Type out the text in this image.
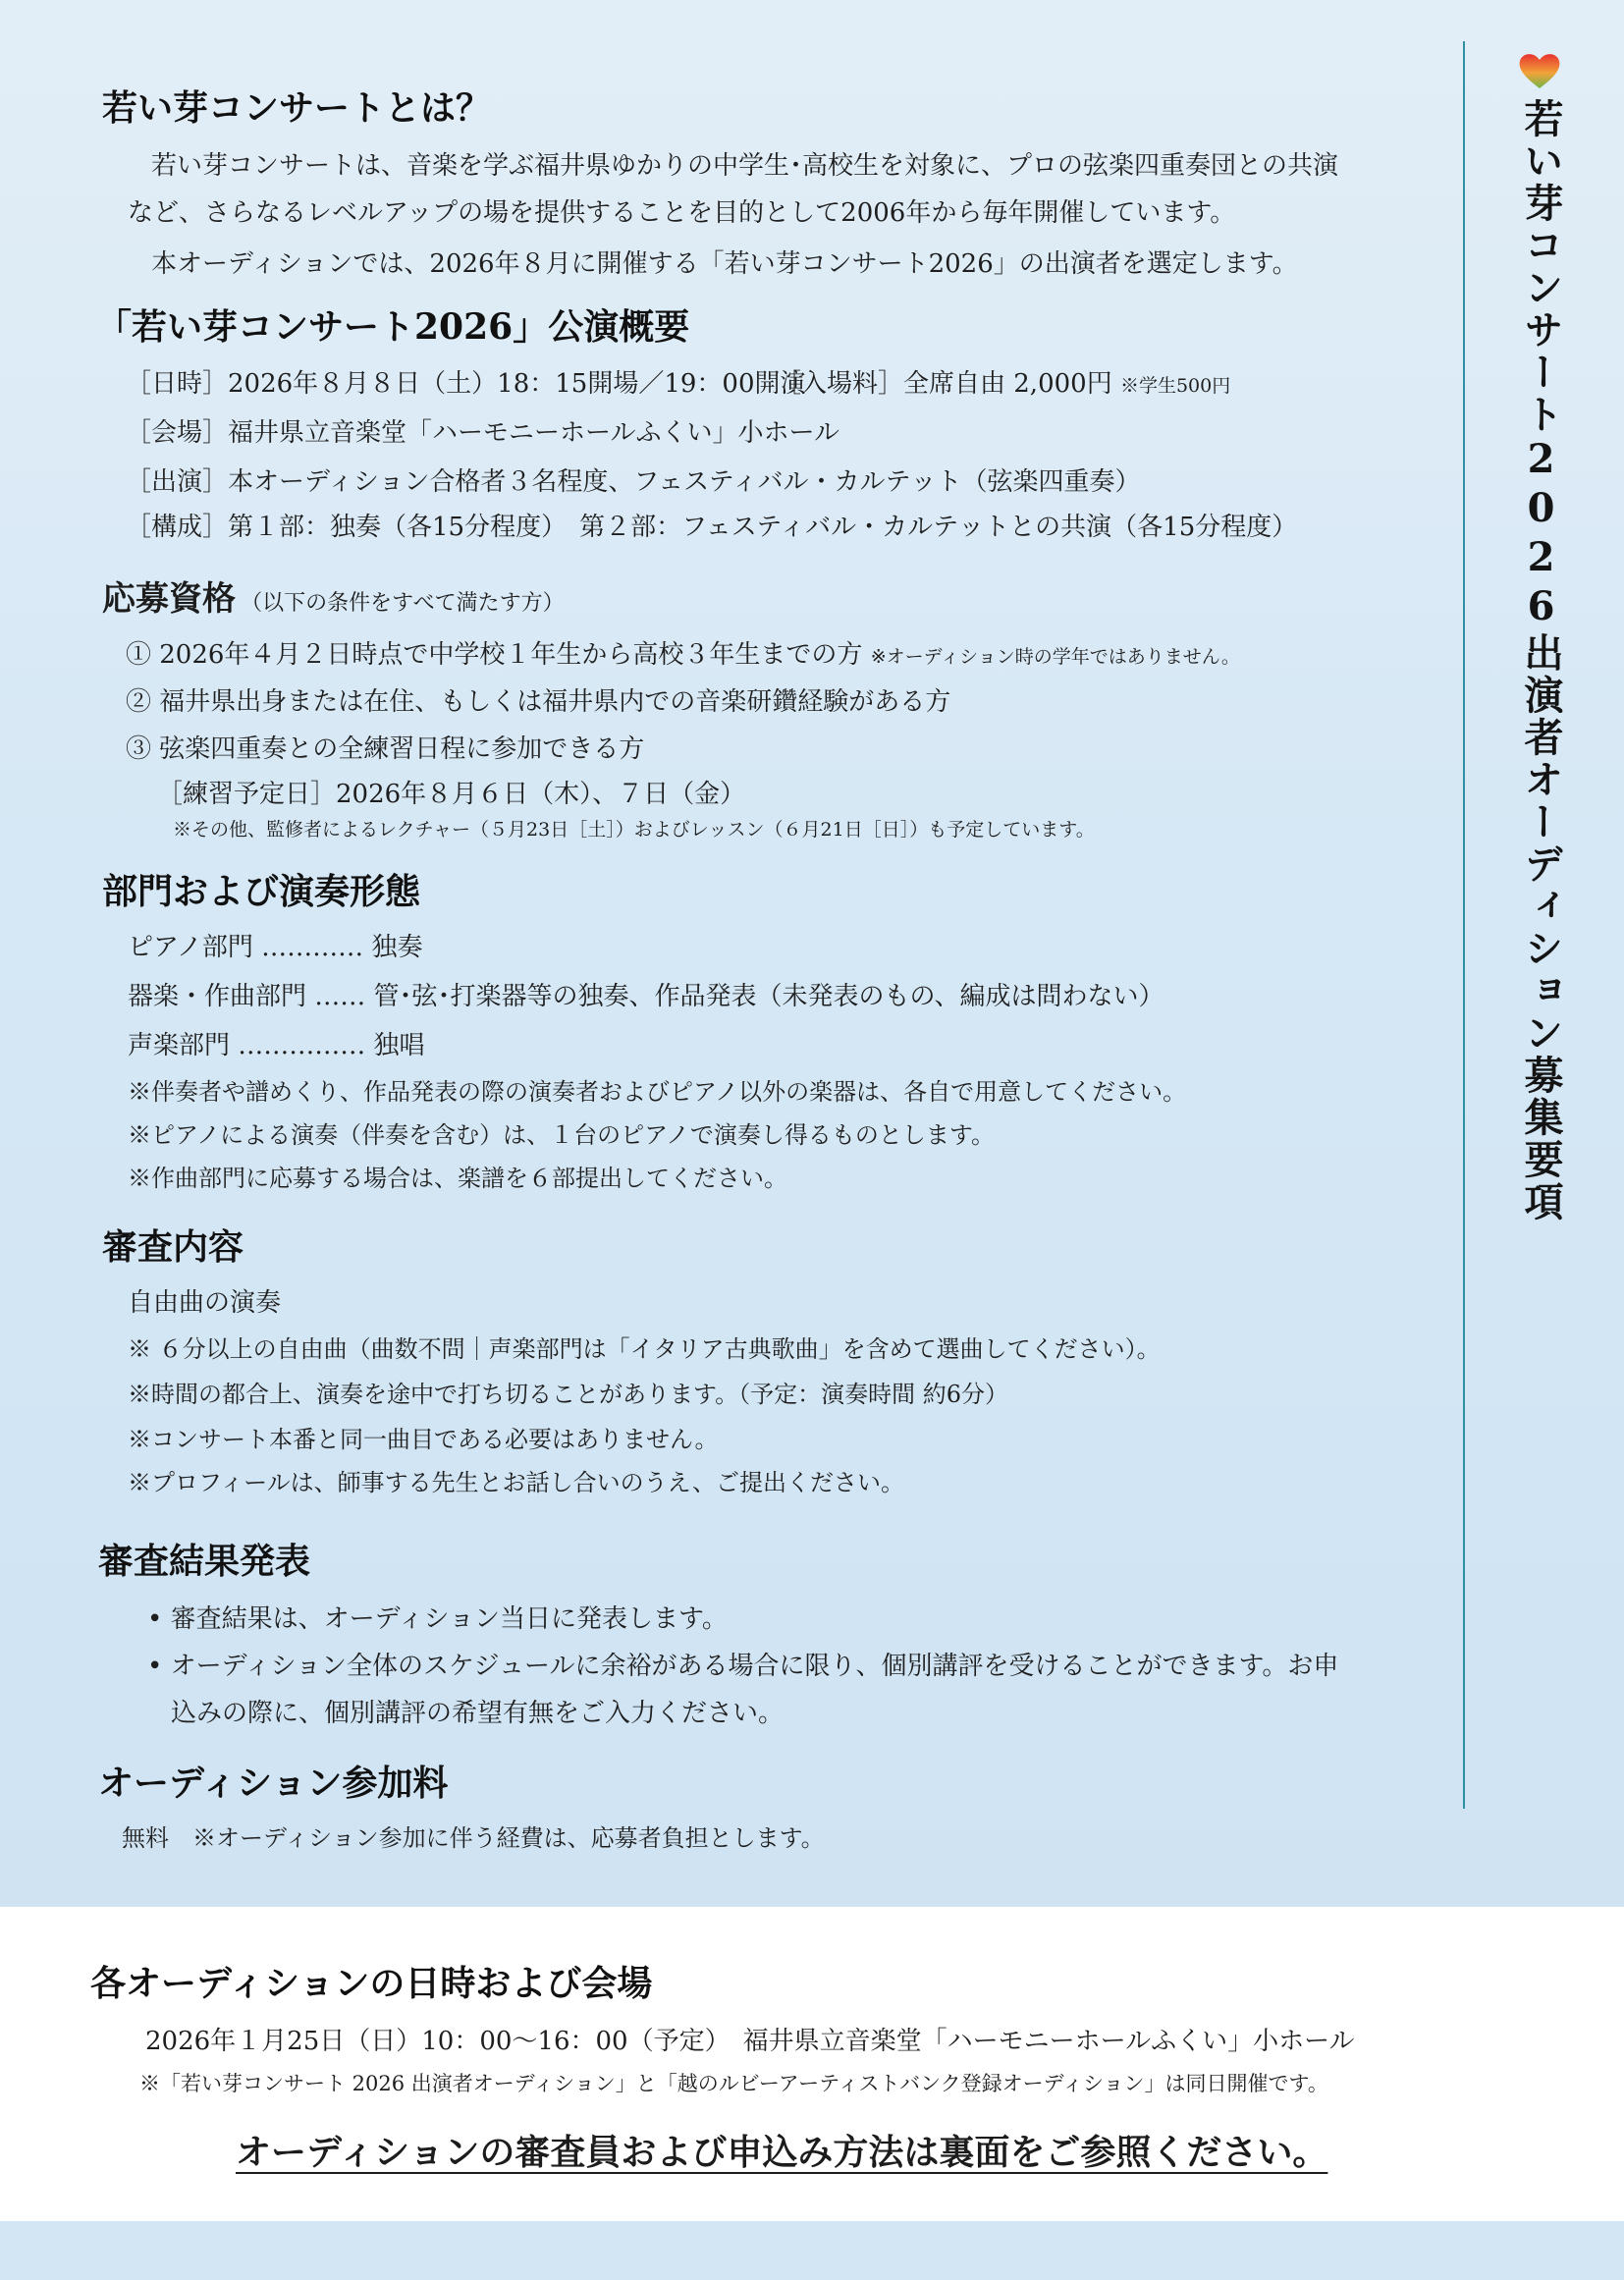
若い芽コンサート2026出演者オーディション募集要項
若い芽コンサートとは？
若い芽コンサートは、音楽を学ぶ福井県ゆかりの中学生･高校生を対象に、プロの弦楽四重奏団との共演
など、さらなるレベルアップの場を提供することを目的として2006年から毎年開催しています。
本オーディションでは、2026年８月に開催する「若い芽コンサート2026」の出演者を選定します。
「若い芽コンサート2026」公演概要
［日時］2026年８月８日（土）18：15開場／19：00開演
［入場料］全席自由 2,000円 ※学生500円
［会場］福井県立音楽堂「ハーモニーホールふくい」小ホール
［出演］本オーディション合格者３名程度、フェスティバル・カルテット（弦楽四重奏）
［構成］第１部：独奏（各15分程度）　第２部：フェスティバル・カルテットとの共演（各15分程度）
応募資格 （以下の条件をすべて満たす方）
① 2026年４月２日時点で中学校１年生から高校３年生までの方 ※オーディション時の学年ではありません。
② 福井県出身または在住、もしくは福井県内での音楽研鑽経験がある方
③ 弦楽四重奏との全練習日程に参加できる方
［練習予定日］2026年８月６日（木）、７日（金）
※その他、監修者によるレクチャー（５月23日［土］）およびレッスン（６月21日［日］）も予定しています。
部門および演奏形態
ピアノ部門 ………… 独奏
器楽・作曲部門 …… 管･弦･打楽器等の独奏、作品発表（未発表のもの、編成は問わない）
声楽部門 …………… 独唱
※伴奏者や譜めくり、作品発表の際の演奏者およびピアノ以外の楽器は、各自で用意してください。
※ピアノによる演奏（伴奏を含む）は、１台のピアノで演奏し得るものとします。
※作曲部門に応募する場合は、楽譜を６部提出してください。
審査内容
自由曲の演奏
※ ６分以上の自由曲（曲数不問｜声楽部門は「イタリア古典歌曲」を含めて選曲してください）。
※時間の都合上、演奏を途中で打ち切ることがあります。（予定：演奏時間 約6分）
※コンサート本番と同一曲目である必要はありません。
※プロフィールは、師事する先生とお話し合いのうえ、ご提出ください。
審査結果発表
• 審査結果は、オーディション当日に発表します。
• オーディション全体のスケジュールに余裕がある場合に限り、個別講評を受けることができます。お申
込みの際に、個別講評の希望有無をご入力ください。
オーディション参加料
無料　※オーディション参加に伴う経費は、応募者負担とします。
各オーディションの日時および会場
2026年１月25日（日）10：00～16：00（予定）　福井県立音楽堂「ハーモニーホールふくい」小ホール
※「若い芽コンサート 2026 出演者オーディション」と「越のルビーアーティストバンク登録オーディション」は同日開催です。
オーディションの審査員および申込み方法は裏面をご参照ください。
